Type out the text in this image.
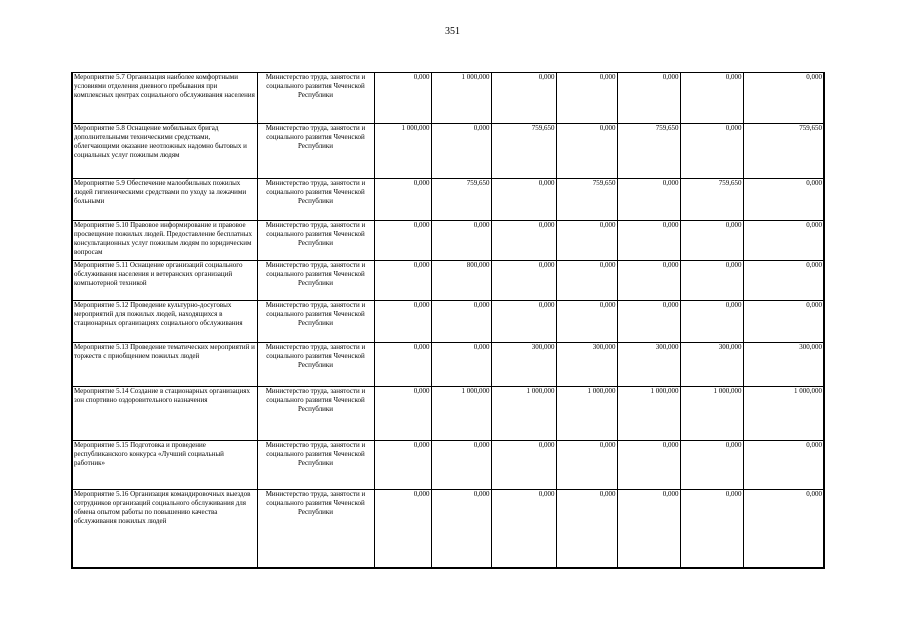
351
Мероприятие 5.7 Организация наиболее комфортными условиями отделения дневного пребывания при комплексных центрах социального обслуживания населения	Министерство труда, занятости и социального развития Чеченской Республики	0,000	1 000,000	0,000	0,000	0,000	0,000	0,000
Мероприятие 5.8 Оснащение мобильных бригад дополнительными техническими средствами, облегчающими оказание неотложных надомно бытовых и социальных услуг пожилым людям	Министерство труда, занятости и социального развития Чеченской Республики	1 000,000	0,000	759,650	0,000	759,650	0,000	759,650
Мероприятие 5.9 Обеспечение малообильных пожилых людей гигиеническими средствами по уходу за лежачими больными	Министерство труда, занятости и социального развития Чеченской Республики	0,000	759,650	0,000	759,650	0,000	759,650	0,000
Мероприятие 5.10 Правовое информирование и правовое просвещение пожилых людей. Предоставление бесплатных консультационных услуг пожилым людям по юридическим вопросам	Министерство труда, занятости и социального развития Чеченской Республики	0,000	0,000	0,000	0,000	0,000	0,000	0,000
Мероприятие 5.11 Оснащение организаций социального обслуживания населения и ветеранских организаций компьютерной техникой	Министерство труда, занятости и социального развития Чеченской Республики	0,000	800,000	0,000	0,000	0,000	0,000	0,000
Мероприятие 5.12 Проведение культурно-досуговых мероприятий для пожилых людей, находящихся в стационарных организациях социального обслуживания	Министерство труда, занятости и социального развития Чеченской Республики	0,000	0,000	0,000	0,000	0,000	0,000	0,000
Мероприятие 5.13 Проведение тематических мероприятий и торжеств с приобщением пожилых людей	Министерство труда, занятости и социального развития Чеченской Республики	0,000	0,000	300,000	300,000	300,000	300,000	300,000
Мероприятие 5.14 Создание в стационарных организациях зон спортивно оздоровительного назначения	Министерство труда, занятости и социального развития Чеченской Республики	0,000	1 000,000	1 000,000	1 000,000	1 000,000	1 000,000	1 000,000
Мероприятие 5.15 Подготовка и проведение республиканского конкурса «Лучший социальный работник»	Министерство труда, занятости и социального развития Чеченской Республики	0,000	0,000	0,000	0,000	0,000	0,000	0,000
Мероприятие 5.16 Организация командировочных выездов сотрудников организаций социального обслуживания для обмена опытом работы по повышению качества обслуживания пожилых людей	Министерство труда, занятости и социального развития Чеченской Республики	0,000	0,000	0,000	0,000	0,000	0,000	0,000
